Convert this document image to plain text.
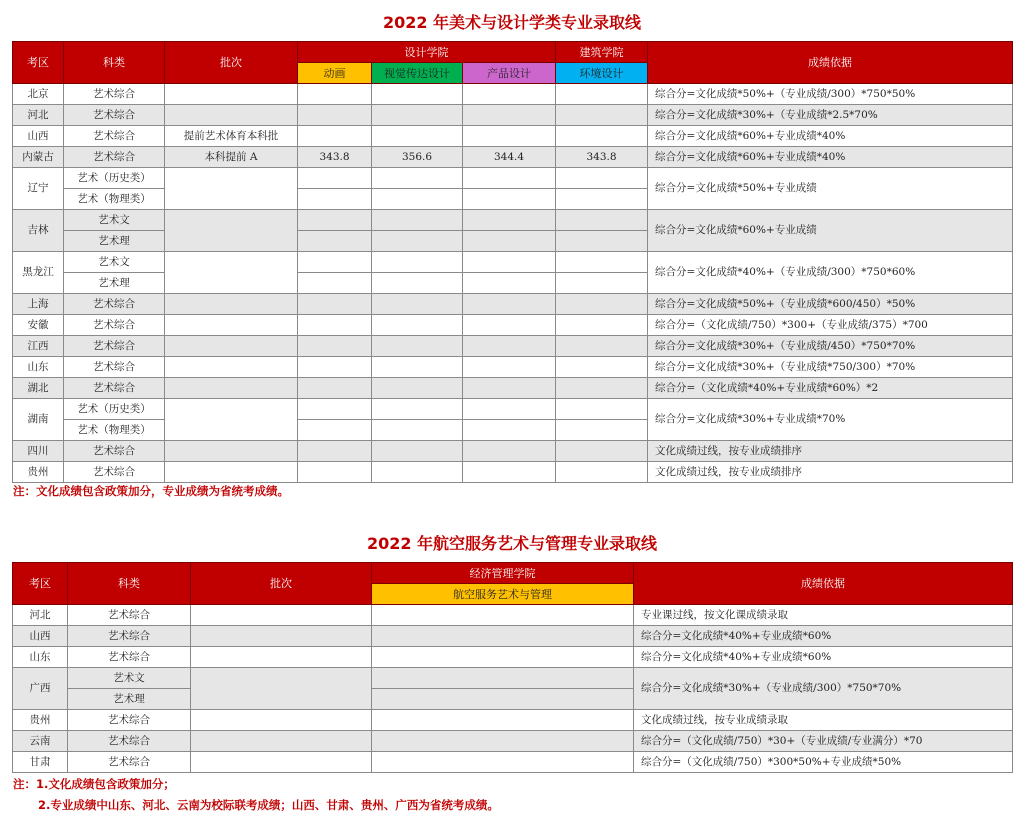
2022 年美术与设计学类专业录取线
考区	科类	批次	设计学院			建筑学院	成绩依据
			动画	视觉传达设计	产品设计	环境设计	
北京	艺术综合						综合分=文化成绩*50%+（专业成绩/300）*750*50%
河北	艺术综合						综合分=文化成绩*30%+（专业成绩*2.5*70%
山西	艺术综合	提前艺术体育本科批					综合分=文化成绩*60%+专业成绩*40%
内蒙古	艺术综合	本科提前 A	343.8	356.6	344.4	343.8	综合分=文化成绩*60%+专业成绩*40%
辽宁	艺术（历史类）						综合分=文化成绩*50%+专业成绩
	艺术（物理类）						
吉林	艺术文						综合分=文化成绩*60%+专业成绩
	艺术理						
黑龙江	艺术文						综合分=文化成绩*40%+（专业成绩/300）*750*60%
	艺术理						
上海	艺术综合						综合分=文化成绩*50%+（专业成绩*600/450）*50%
安徽	艺术综合						综合分=（文化成绩/750）*300+（专业成绩/375）*700
江西	艺术综合						综合分=文化成绩*30%+（专业成绩/450）*750*70%
山东	艺术综合						综合分=文化成绩*30%+（专业成绩*750/300）*70%
湖北	艺术综合						综合分=（文化成绩*40%+专业成绩*60%）*2
湖南	艺术（历史类）						综合分=文化成绩*30%+专业成绩*70%
	艺术（物理类）						
四川	艺术综合						文化成绩过线，按专业成绩排序
贵州	艺术综合						文化成绩过线，按专业成绩排序
注：文化成绩包含政策加分，专业成绩为省统考成绩。
2022 年航空服务艺术与管理专业录取线
考区	科类	批次	经济管理学院	成绩依据
			航空服务艺术与管理	
河北	艺术综合			专业课过线，按文化课成绩录取
山西	艺术综合			综合分=文化成绩*40%+专业成绩*60%
山东	艺术综合			综合分=文化成绩*40%+专业成绩*60%
广西	艺术文			综合分=文化成绩*30%+（专业成绩/300）*750*70%
	艺术理			
贵州	艺术综合			文化成绩过线，按专业成绩录取
云南	艺术综合			综合分=（文化成绩/750）*30+（专业成绩/专业满分）*70
甘肃	艺术综合			综合分=（文化成绩/750）*300*50%+专业成绩*50%
注：1.文化成绩包含政策加分；
2.专业成绩中山东、河北、云南为校际联考成绩；山西、甘肃、贵州、广西为省统考成绩。
